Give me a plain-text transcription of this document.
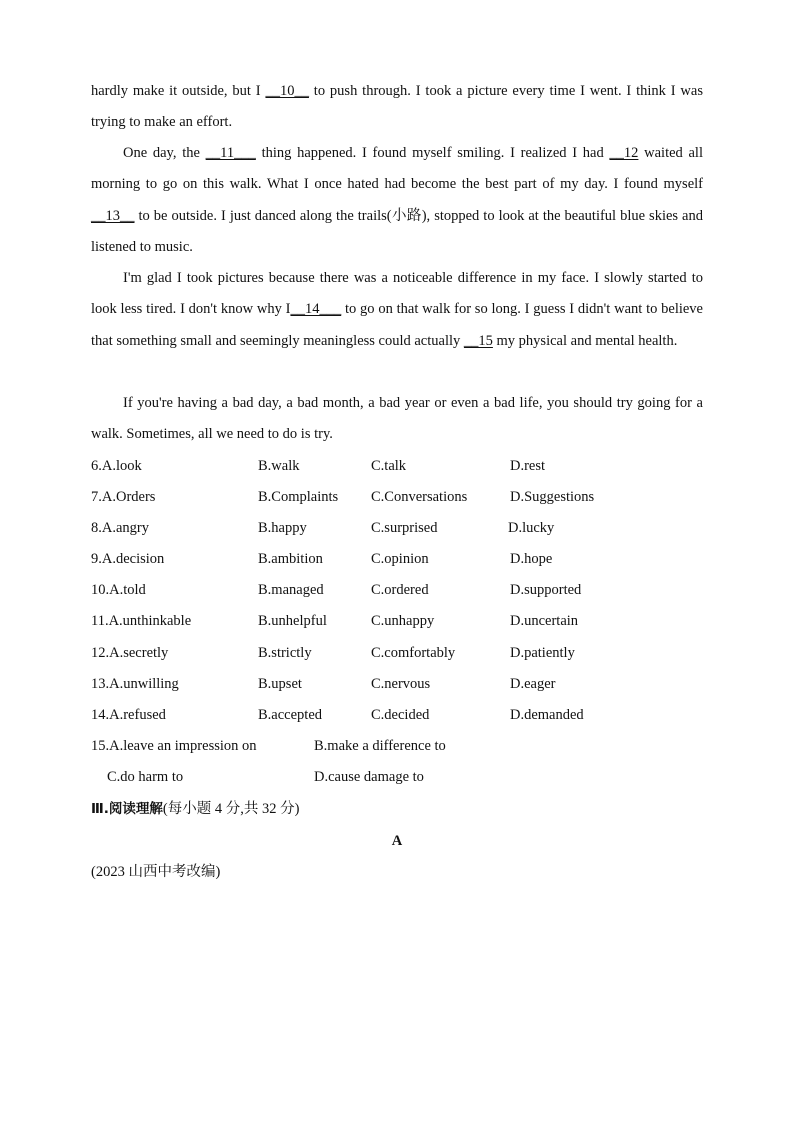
hardly make it outside, but I __10__ to push through. I took a picture every time I went. I think I was trying to make an effort.
One day, the __11___ thing happened. I found myself smiling. I realized I had __12 waited all morning to go on this walk. What I once hated had become the best part of my day. I found myself __13__ to be outside. I just danced along the trails(小路), stopped to look at the beautiful blue skies and listened to music.
I'm glad I took pictures because there was a noticeable difference in my face. I slowly started to look less tired. I don't know why I__14___ to go on that walk for so long. I guess I didn't want to believe that something small and seemingly meaningless could actually __15 my physical and mental health.
If you're having a bad day, a bad month, a bad year or even a bad life, you should try going for a walk. Sometimes, all we need to do is try.
6.A.look	B.walk	C.talk	D.rest
7.A.Orders	B.Complaints C.Conversations	D.Suggestions
8.A.angry	B.happy	C.surprised	D.lucky
9.A.decision	B.ambition	C.opinion	D.hope
10.A.told	B.managed	C.ordered	D.supported
11.A.unthinkable	B.unhelpful	C.unhappy	D.uncertain
12.A.secretly	B.strictly	C.comfortably	D.patiently
13.A.unwilling	B.upset	C.nervous	D.eager
14.A.refused	B.accepted	C.decided	D.demanded
15.A.leave an impression on	B.make a difference to
C.do harm to	D.cause damage to
Ⅲ.阅读理解(每小题 4 分,共 32 分)
A
(2023 山西中考改编)
